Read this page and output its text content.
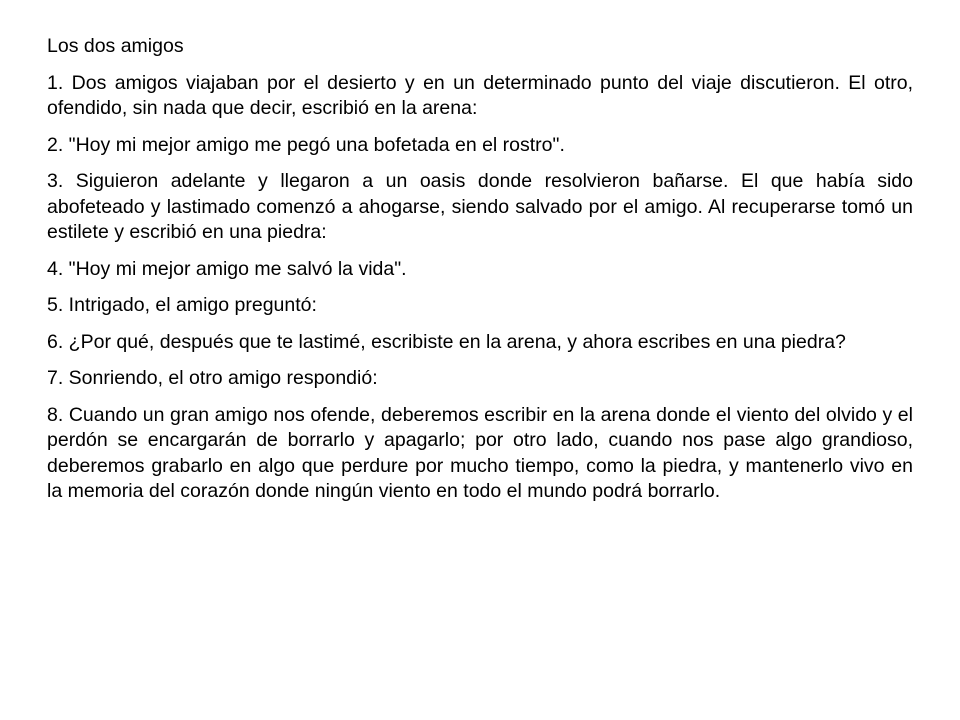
Los dos amigos

1. Dos amigos viajaban por el desierto y en un determinado punto del viaje discutieron. El otro, ofendido, sin nada que decir, escribió en la arena:

2. "Hoy mi mejor amigo me pegó una bofetada en el rostro".

3. Siguieron adelante y llegaron a un oasis donde resolvieron bañarse. El que había sido abofeteado y lastimado comenzó a ahogarse, siendo salvado por el amigo. Al recuperarse tomó un estilete y escribió en una piedra:

4. "Hoy mi mejor amigo me salvó la vida".

5. Intrigado, el amigo preguntó:

6. ¿Por qué, después que te lastimé, escribiste en la arena, y ahora escribes en una piedra?

7. Sonriendo, el otro amigo respondió:

8. Cuando un gran amigo nos ofende, deberemos escribir en la arena donde el viento del olvido y el perdón se encargarán de borrarlo y apagarlo; por otro lado, cuando nos pase algo grandioso, deberemos grabarlo en algo que perdure por mucho tiempo, como la piedra, y mantenerlo vivo en la memoria del corazón donde ningún viento en todo el mundo podrá borrarlo.
